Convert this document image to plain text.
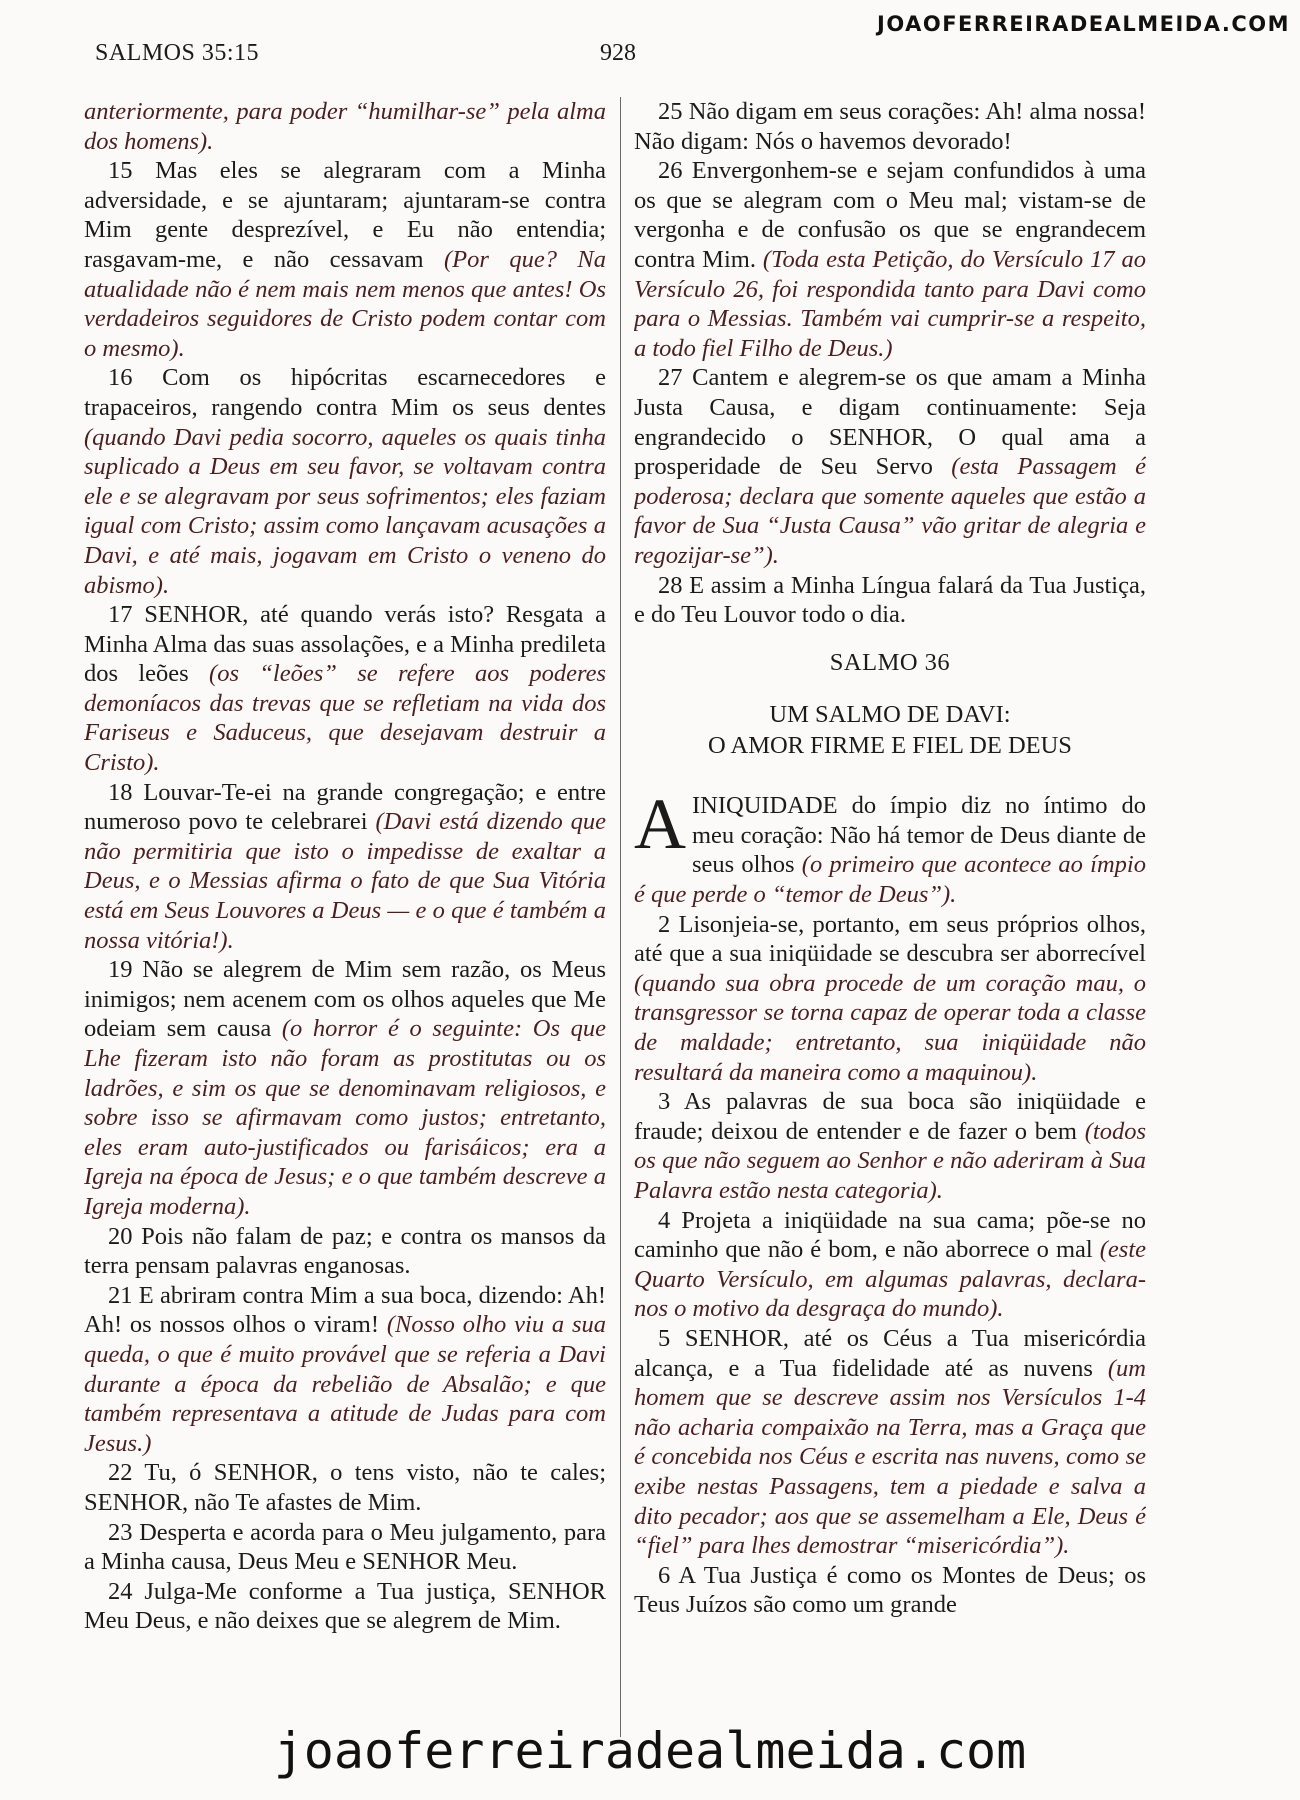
JOAOFERREIRADEALMEIDA.COM
SALMOS 35:15	928

anteriormente, para poder “humilhar-se” pela alma dos homens).

15 Mas eles se alegraram com a Minha adversidade, e se ajuntaram; ajuntaram-se contra Mim gente desprezível, e Eu não entendia; rasgavam-me, e não cessavam (Por que? Na atualidade não é nem mais nem menos que antes! Os verdadeiros seguidores de Cristo podem contar com o mesmo).

16 Com os hipócritas escarnecedores e trapaceiros, rangendo contra Mim os seus dentes (quando Davi pedia socorro, aqueles os quais tinha suplicado a Deus em seu favor, se voltavam contra ele e se alegravam por seus sofrimentos; eles faziam igual com Cristo; assim como lançavam acusações a Davi, e até mais, jogavam em Cristo o veneno do abismo).

17 SENHOR, até quando verás isto? Resgata a Minha Alma das suas assolações, e a Minha predileta dos leões (os “leões” se refere aos poderes demoníacos das trevas que se refletiam na vida dos Fariseus e Saduceus, que desejavam destruir a Cristo).

18 Louvar-Te-ei na grande congregação; e entre numeroso povo te celebrarei (Davi está dizendo que não permitiria que isto o impedisse de exaltar a Deus, e o Messias afirma o fato de que Sua Vitória está em Seus Louvores a Deus — e o que é também a nossa vitória!).

19 Não se alegrem de Mim sem razão, os Meus inimigos; nem acenem com os olhos aqueles que Me odeiam sem causa (o horror é o seguinte: Os que Lhe fizeram isto não foram as prostitutas ou os ladrões, e sim os que se denominavam religiosos, e sobre isso se afirmavam como justos; entretanto, eles eram auto-justificados ou farisáicos; era a Igreja na época de Jesus; e o que também descreve a Igreja moderna).

20 Pois não falam de paz; e contra os mansos da terra pensam palavras enganosas.

21 E abriram contra Mim a sua boca, dizendo: Ah! Ah! os nossos olhos o viram! (Nosso olho viu a sua queda, o que é muito provável que se referia a Davi durante a época da rebelião de Absalão; e que também representava a atitude de Judas para com Jesus.)

22 Tu, ó SENHOR, o tens visto, não te cales; SENHOR, não Te afastes de Mim.

23 Desperta e acorda para o Meu julgamento, para a Minha causa, Deus Meu e SENHOR Meu.

24 Julga-Me conforme a Tua justiça, SENHOR Meu Deus, e não deixes que se alegrem de Mim.

25 Não digam em seus corações: Ah! alma nossa! Não digam: Nós o havemos devorado!

26 Envergonhem-se e sejam confundidos à uma os que se alegram com o Meu mal; vistam-se de vergonha e de confusão os que se engrandecem contra Mim. (Toda esta Petição, do Versículo 17 ao Versículo 26, foi respondida tanto para Davi como para o Messias. Também vai cumprir-se a respeito, a todo fiel Filho de Deus.)

27 Cantem e alegrem-se os que amam a Minha Justa Causa, e digam continuamente: Seja engrandecido o SENHOR, O qual ama a prosperidade de Seu Servo (esta Passagem é poderosa; declara que somente aqueles que estão a favor de Sua “Justa Causa” vão gritar de alegria e regozijar-se”).

28 E assim a Minha Língua falará da Tua Justiça, e do Teu Louvor todo o dia.

SALMO 36
UM SALMO DE DAVI:
O AMOR FIRME E FIEL DE DEUS

AINIQUIDADE do ímpio diz no íntimo do meu coração: Não há temor de Deus diante de seus olhos (o primeiro que acontece ao ímpio é que perde o “temor de Deus”).

2 Lisonjeia-se, portanto, em seus próprios olhos, até que a sua iniqüidade se descubra ser aborrecível (quando sua obra procede de um coração mau, o transgressor se torna capaz de operar toda a classe de maldade; entretanto, sua iniqüidade não resultará da maneira como a maquinou).

3 As palavras de sua boca são iniqüidade e fraude; deixou de entender e de fazer o bem (todos os que não seguem ao Senhor e não aderiram à Sua Palavra estão nesta categoria).

4 Projeta a iniqüidade na sua cama; põe-se no caminho que não é bom, e não aborrece o mal (este Quarto Versículo, em algumas palavras, declara-nos o motivo da desgraça do mundo).

5 SENHOR, até os Céus a Tua misericórdia alcança, e a Tua fidelidade até as nuvens (um homem que se descreve assim nos Versículos 1-4 não acharia compaixão na Terra, mas a Graça que é concebida nos Céus e escrita nas nuvens, como se exibe nestas Passagens, tem a piedade e salva a dito pecador; aos que se assemelham a Ele, Deus é “fiel” para lhes demostrar “misericórdia”).

6 A Tua Justiça é como os Montes de Deus; os Teus Juízos são como um grande

joaoferreiradealmeida.com
